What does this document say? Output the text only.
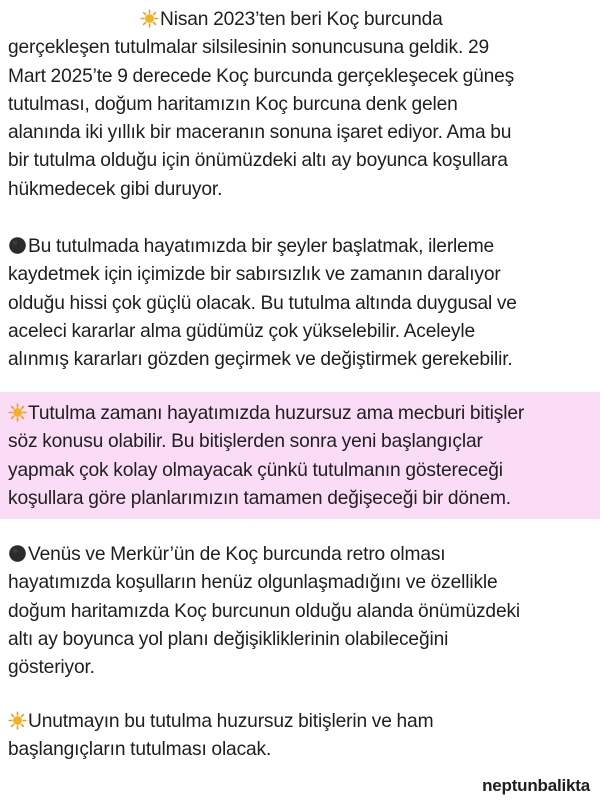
Nisan 2023’ten beri Koç burcunda
gerçekleşen tutulmalar silsilesinin sonuncusuna geldik. 29
Mart 2025’te 9 derecede Koç burcunda gerçekleşecek güneş
tutulması, doğum haritamızın Koç burcuna denk gelen
alanında iki yıllık bir maceranın sonuna işaret ediyor. Ama bu
bir tutulma olduğu için önümüzdeki altı ay boyunca koşullara
hükmedecek gibi duruyor.
Bu tutulmada hayatımızda bir şeyler başlatmak, ilerleme
kaydetmek için içimizde bir sabırsızlık ve zamanın daralıyor
olduğu hissi çok güçlü olacak. Bu tutulma altında duygusal ve
aceleci kararlar alma güdümüz çok yükselebilir. Aceleyle
alınmış kararları gözden geçirmek ve değiştirmek gerekebilir.
Tutulma zamanı hayatımızda huzursuz ama mecburi bitişler
söz konusu olabilir. Bu bitişlerden sonra yeni başlangıçlar
yapmak çok kolay olmayacak çünkü tutulmanın göstereceği
koşullara göre planlarımızın tamamen değişeceği bir dönem.
Venüs ve Merkür’ün de Koç burcunda retro olması
hayatımızda koşulların henüz olgunlaşmadığını ve özellikle
doğum haritamızda Koç burcunun olduğu alanda önümüzdeki
altı ay boyunca yol planı değişikliklerinin olabileceğini
gösteriyor.
Unutmayın bu tutulma huzursuz bitişlerin ve ham
başlangıçların tutulması olacak.
neptunbalikta
